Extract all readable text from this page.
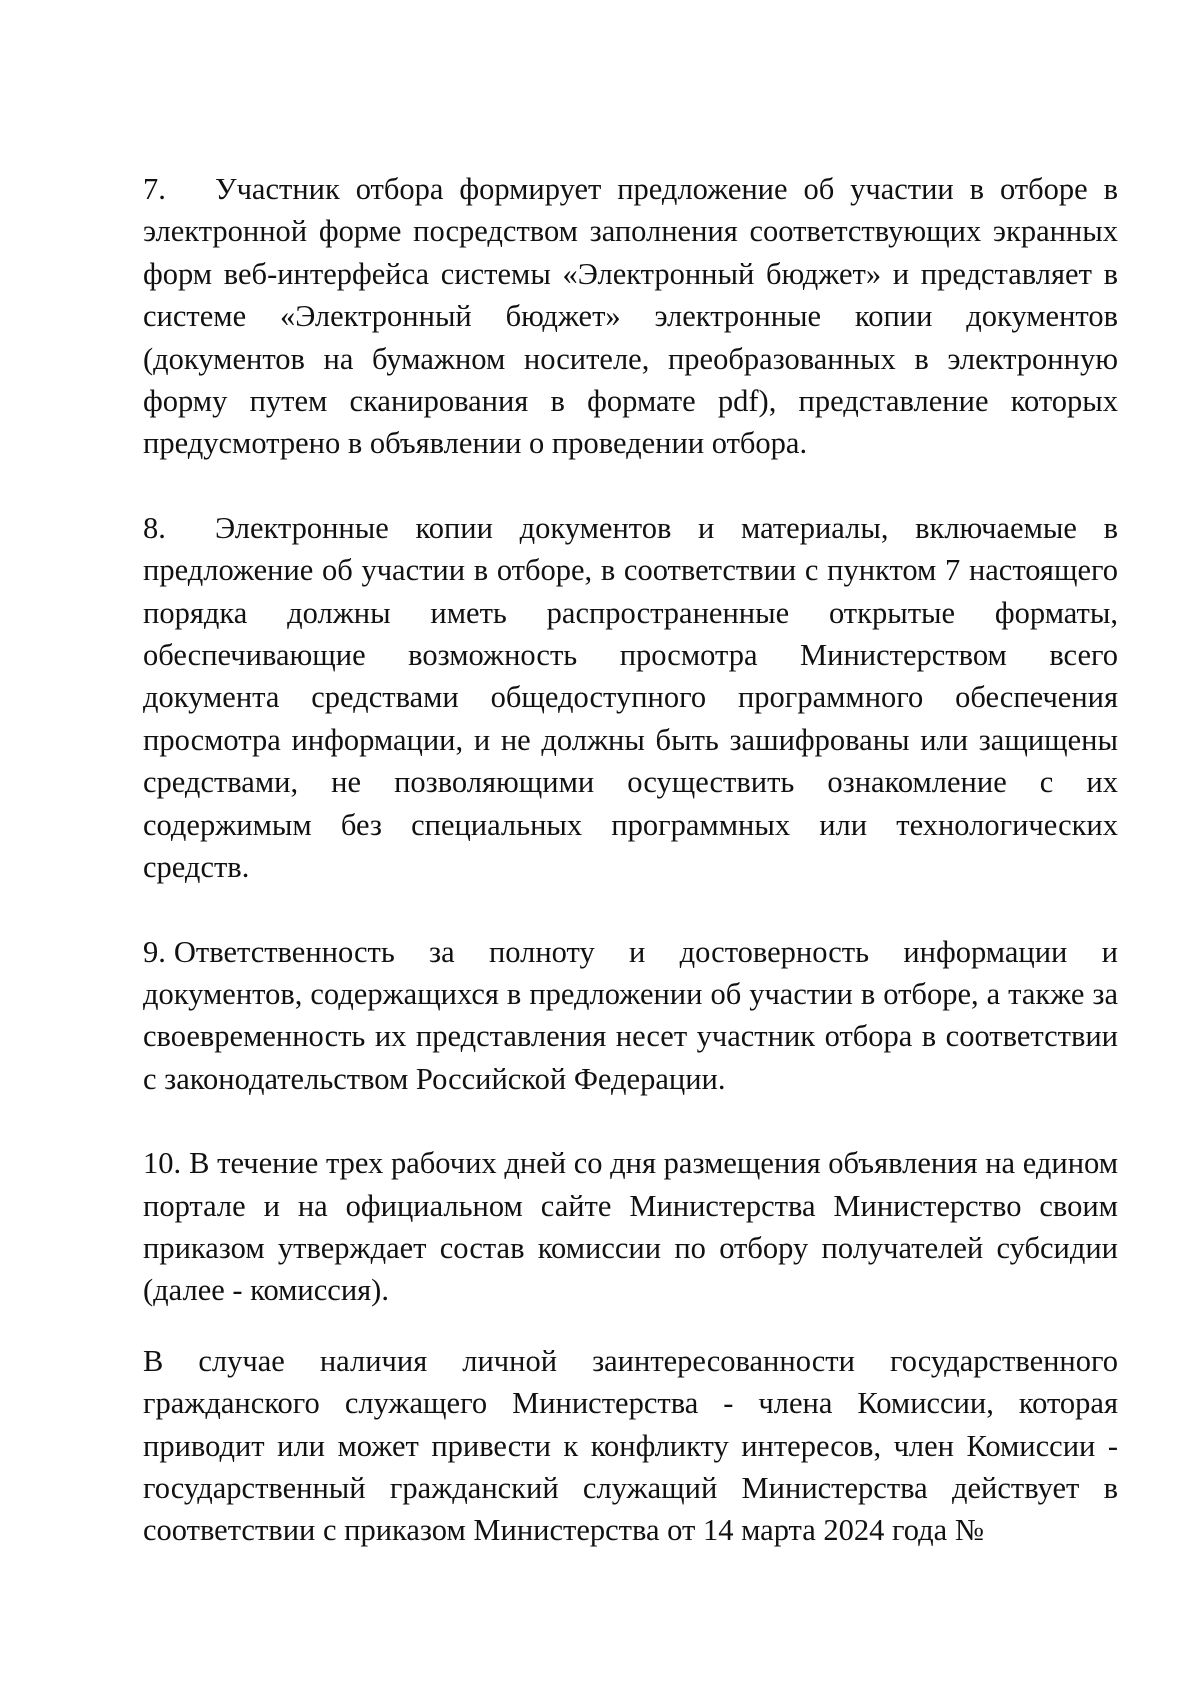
7. Участник отбора формирует предложение об участии в отборе в электронной форме посредством заполнения соответствующих экранных форм веб-интерфейса системы «Электронный бюджет» и представляет в системе «Электронный бюджет» электронные копии документов (документов на бумажном носителе, преобразованных в электронную форму путем сканирования в формате pdf), представление которых предусмотрено в объявлении о проведении отбора.

8. Электронные копии документов и материалы, включаемые в предложение об участии в отборе, в соответствии с пунктом 7 настоящего порядка должны иметь распространенные открытые форматы, обеспечивающие возможность просмотра Министерством всего документа средствами общедоступного программного обеспечения просмотра информации, и не должны быть зашифрованы или защищены средствами, не позволяющими осуществить ознакомление с их содержимым без специальных программных или технологических средств.

9. Ответственность за полноту и достоверность информации и документов, содержащихся в предложении об участии в отборе, а также за своевременность их представления несет участник отбора в соответствии с законодательством Российской Федерации.

10. В течение трех рабочих дней со дня размещения объявления на едином портале и на официальном сайте Министерства Министерство своим приказом утверждает состав комиссии по отбору получателей субсидии (далее - комиссия).

В случае наличия личной заинтересованности государственного гражданского служащего Министерства - члена Комиссии, которая приводит или может привести к конфликту интересов, член Комиссии - государственный гражданский служащий Министерства действует в соответствии с приказом Министерства от 14 марта 2024 года №
